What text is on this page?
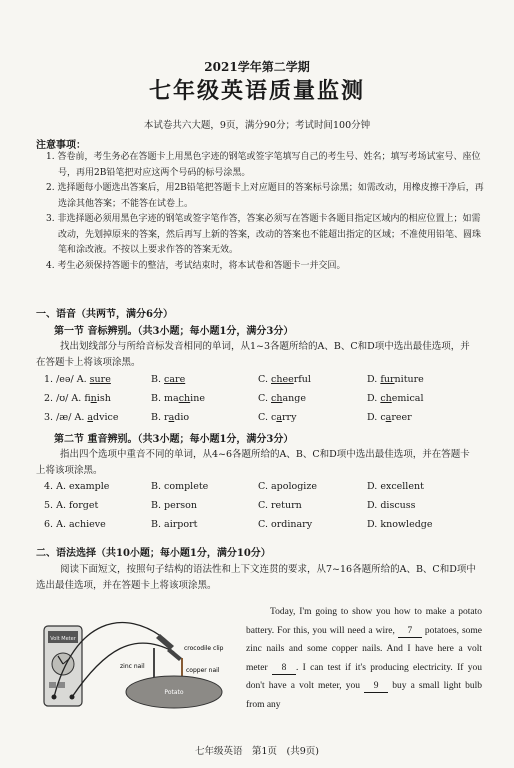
2021学年第二学期
七年级英语质量监测
本试卷共六大题，9页，满分90分；考试时间100分钟
注意事项：
1. 答卷前，考生务必在答题卡上用黑色字迹的钢笔或签字笔填写自己的考生号、姓名；填写考场试室号、座位号，再用2B铅笔把对应这两个号码的标号涂黑。
2. 选择题每小题选出答案后，用2B铅笔把答题卡上对应题目的答案标号涂黑；如需改动，用橡皮擦干净后，再选涂其他答案；不能答在试卷上。
3. 非选择题必须用黑色字迹的钢笔或签字笔作答，答案必须写在答题卡各题目指定区域内的相应位置上；如需改动，先划掉原来的答案，然后再写上新的答案，改动的答案也不能超出指定的区域；不准使用铅笔、圆珠笔和涂改液。不按以上要求作答的答案无效。
4. 考生必须保持答题卡的整洁，考试结束时，将本试卷和答题卡一并交回。
一、语音（共两节，满分6分）
第一节 音标辨别。（共3小题；每小题1分，满分3分）
找出划线部分与所给音标发音相同的单词，从1~3各题所给的A、B、C和D项中选出最佳选项，并在答题卡上将该项涂黑。
1. /eə/ A. sure	B. care	C. cheerful	D. furniture
2. /ʊ/ A. finish	B. machine	C. change	D. chemical
3. /æ/ A. advice	B. radio	C. carry	D. career
第二节 重音辨别。（共3小题；每小题1分，满分3分）
指出四个选项中重音不同的单词，从4~6各题所给的A、B、C和D项中选出最佳选项，并在答题卡上将该项涂黑。
4. A. example	B. complete	C. apologize	D. excellent
5. A. forget	B. person	C. return	D. discuss
6. A. achieve	B. airport	C. ordinary	D. knowledge
二、语法选择（共10小题；每小题1分，满分10分）
阅读下面短文，按照句子结构的语法性和上下文连贯的要求，从7~16各题所给的A、B、C和D项中选出最佳选项，并在答题卡上将该项涂黑。
Volt Meter
crocodile clip
zinc nail
copper nail
Potato
Today, I'm going to show you how to make a potato battery. For this, you will need a wire, 7 potatoes, some zinc nails and some copper nails. And I have here a volt meter 8 . I can test if it's producing electricity. If you don't have a volt meter, you 9 buy a small light bulb from any
七年级英语　第1页　(共9页)
